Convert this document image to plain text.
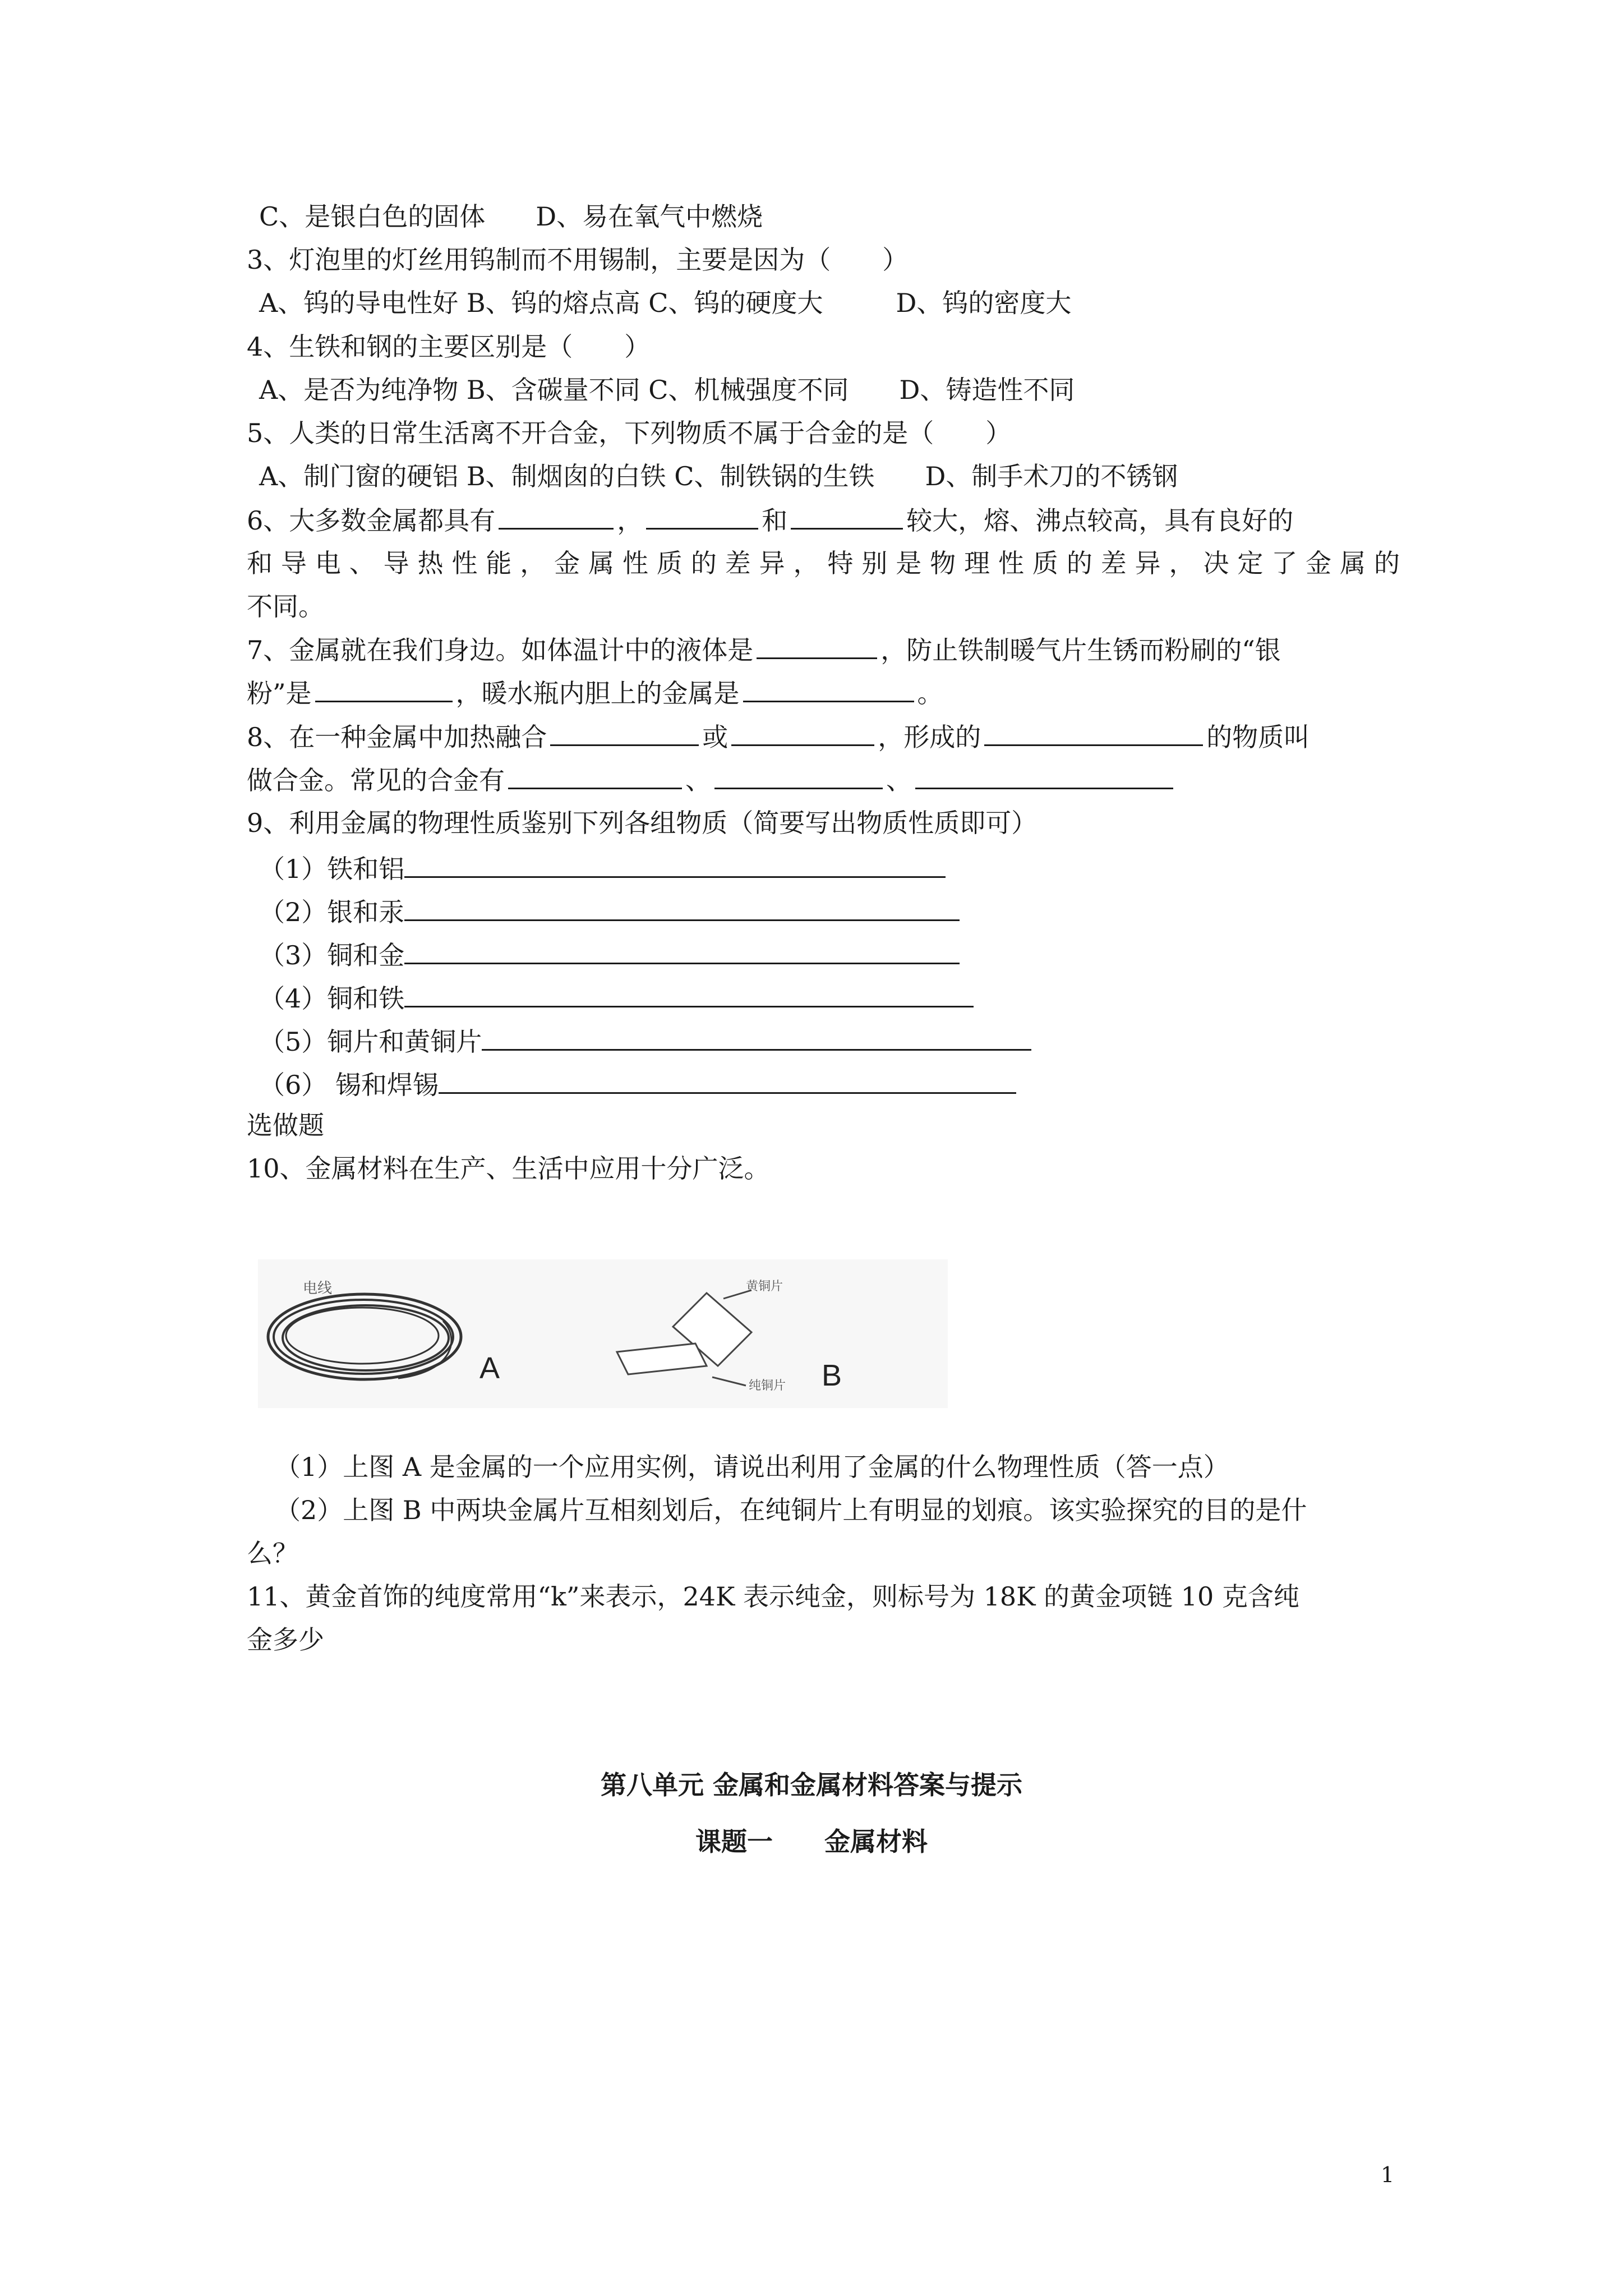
C、是银白色的固体 D、易在氧气中燃烧
3、灯泡里的灯丝用钨制而不用锡制，主要是因为（　　）
A、钨的导电性好 B、钨的熔点高 C、钨的硬度大	D、钨的密度大
4、生铁和钢的主要区别是（　　）
A、是否为纯净物 B、含碳量不同 C、机械强度不同 D、铸造性不同
5、人类的日常生活离不开合金，下列物质不属于合金的是（　　）
A、制门窗的硬铝 B、制烟囱的白铁 C、制铁锅的生铁 D、制手术刀的不锈钢
6、大多数金属都具有	，	和	较大，熔、沸点较高，具有良好的
和导电、导热性能，金属性质的差异，特别是物理性质的差异，决定了金属的
不同。
7、金属就在我们身边。如体温计中的液体是	，防止铁制暖气片生锈而粉刷的“银
粉”是	，暖水瓶内胆上的金属是	。
8、在一种金属中加热融合	或	，形成的	的物质叫
做合金。常见的合金有	、	、
9、利用金属的物理性质鉴别下列各组物质（简要写出物质性质即可）
（1）铁和铝
（2）银和汞
（3）铜和金
（4）铜和铁
（5）铜片和黄铜片
（6） 锡和焊锡
选做题
10、金属材料在生产、生活中应用十分广泛。
电线
A
黄铜片
纯铜片 B
（1）上图 A 是金属的一个应用实例，请说出利用了金属的什么物理性质（答一点）
（2）上图 B 中两块金属片互相刻划后，在纯铜片上有明显的划痕。该实验探究的目的是什
么？
11、黄金首饰的纯度常用“k”来表示，24K 表示纯金，则标号为 18K 的黄金项链 10 克含纯
金多少
第八单元 金属和金属材料答案与提示
课题一　　金属材料
1
